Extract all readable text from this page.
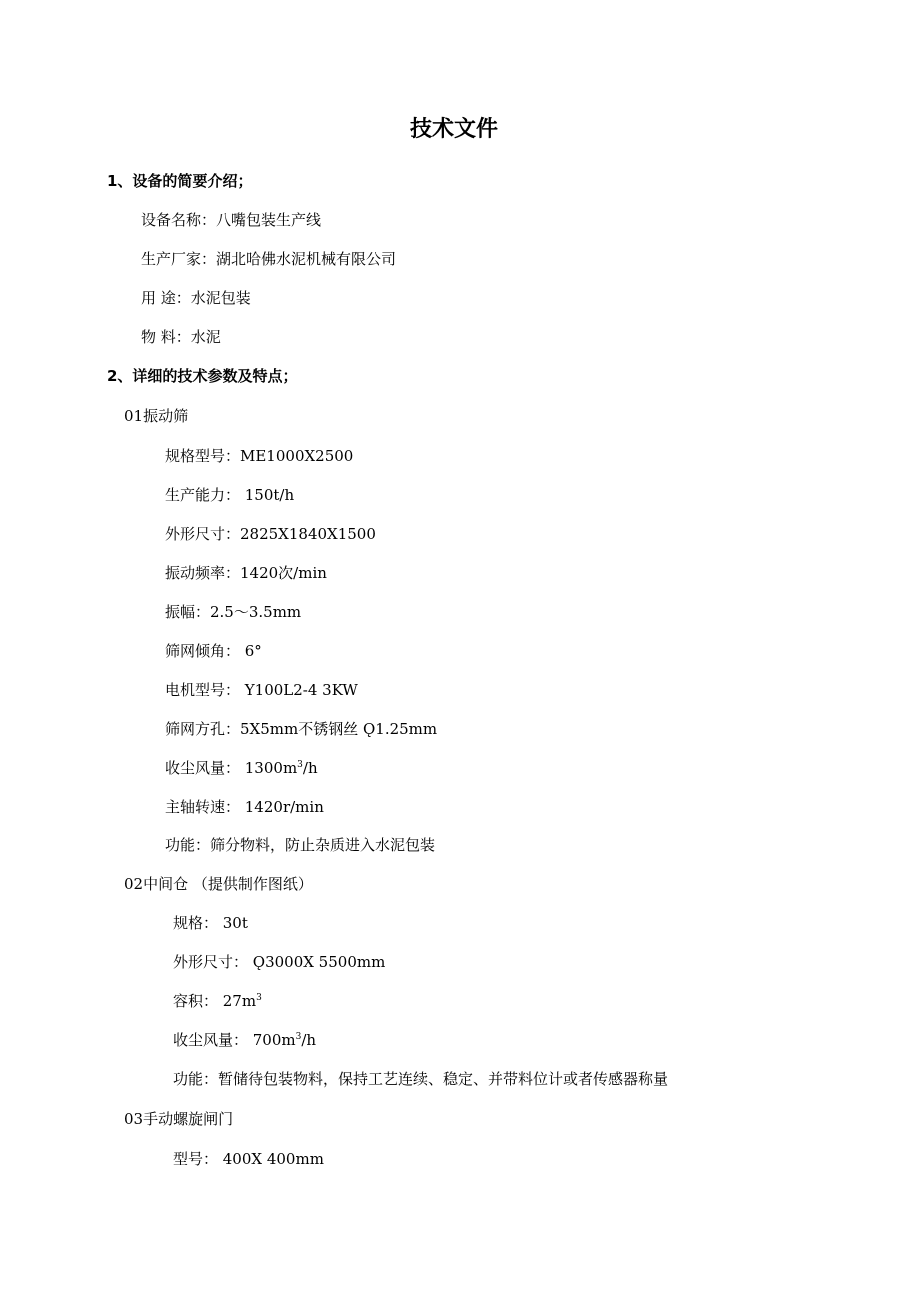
技术文件
1、设备的简要介绍；
设备名称：八嘴包装生产线
生产厂家：湖北哈佛水泥机械有限公司
用 途：水泥包装
物 料：水泥
2、详细的技术参数及特点；
01振动筛
规格型号：ME1000X2500
生产能力： 150t/h
外形尺寸：2825X1840X1500
振动频率：1420次/min
振幅：2.5～3.5mm
筛网倾角： 6°
电机型号： Y100L2-4 3KW
筛网方孔：5X5mm不锈钢丝 Ǫ1.25mm
收尘风量： $1300m^3/h$
主轴转速： 1420r/min
功能：筛分物料，防止杂质进入水泥包装
02中间仓 （提供制作图纸）
规格： 30t
外形尺寸： Ǫ3000X 5500mm
容积： $27m^3$
收尘风量： $700m^3/h$
功能：暂储待包装物料，保持工艺连续、稳定、并带料位计或者传感器称量
03手动螺旋闸门
型号： 400X 400mm
